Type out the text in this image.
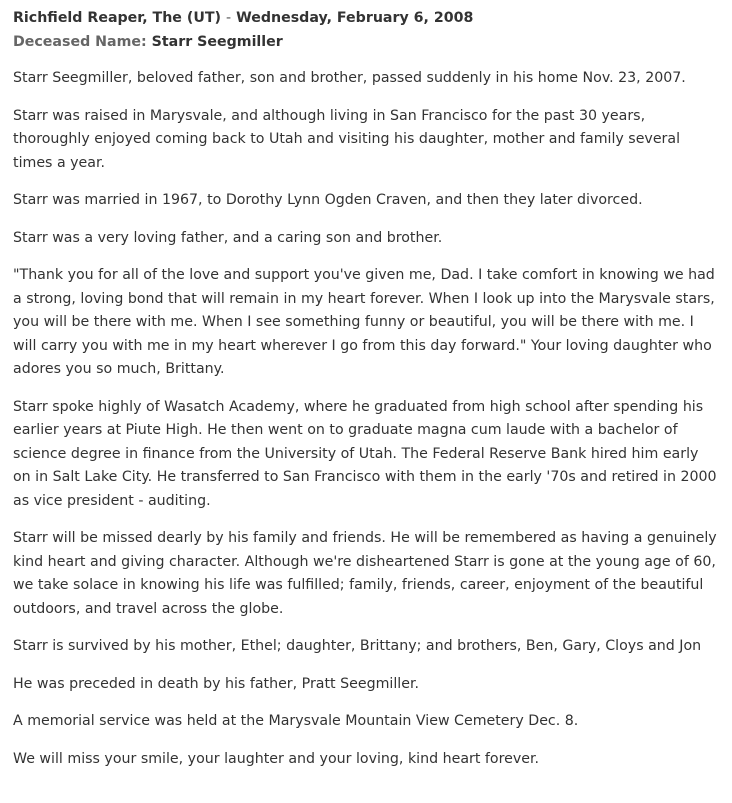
Richfield Reaper, The (UT) - Wednesday, February 6, 2008
Deceased Name: Starr Seegmiller

Starr Seegmiller, beloved father, son and brother, passed suddenly in his home Nov. 23, 2007.

Starr was raised in Marysvale, and although living in San Francisco for the past 30 years, thoroughly enjoyed coming back to Utah and visiting his daughter, mother and family several times a year.

Starr was married in 1967, to Dorothy Lynn Ogden Craven, and then they later divorced.

Starr was a very loving father, and a caring son and brother.

"Thank you for all of the love and support you've given me, Dad. I take comfort in knowing we had a strong, loving bond that will remain in my heart forever. When I look up into the Marysvale stars, you will be there with me. When I see something funny or beautiful, you will be there with me. I will carry you with me in my heart wherever I go from this day forward." Your loving daughter who adores you so much, Brittany.

Starr spoke highly of Wasatch Academy, where he graduated from high school after spending his earlier years at Piute High. He then went on to graduate magna cum laude with a bachelor of science degree in finance from the University of Utah. The Federal Reserve Bank hired him early on in Salt Lake City. He transferred to San Francisco with them in the early '70s and retired in 2000 as vice president - auditing.

Starr will be missed dearly by his family and friends. He will be remembered as having a genuinely kind heart and giving character. Although we're disheartened Starr is gone at the young age of 60, we take solace in knowing his life was fulfilled; family, friends, career, enjoyment of the beautiful outdoors, and travel across the globe.

Starr is survived by his mother, Ethel; daughter, Brittany; and brothers, Ben, Gary, Cloys and Jon

He was preceded in death by his father, Pratt Seegmiller.

A memorial service was held at the Marysvale Mountain View Cemetery Dec. 8.

We will miss your smile, your laughter and your loving, kind heart forever.
